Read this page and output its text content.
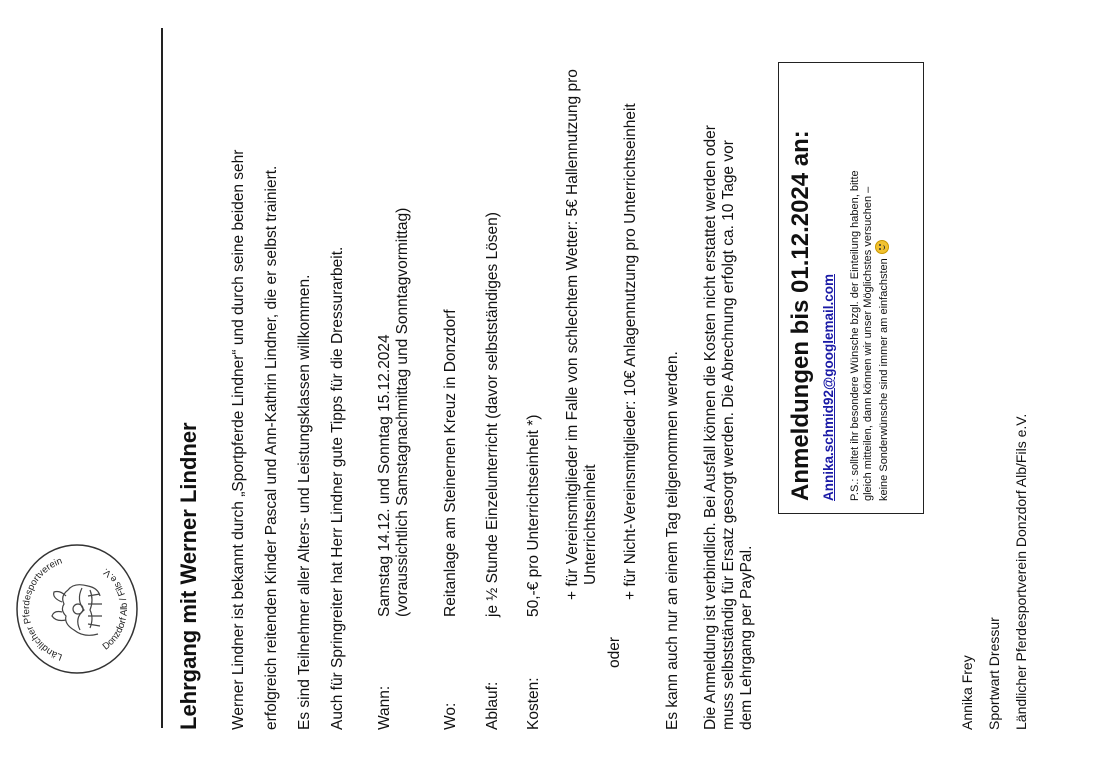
Ländlicher Pferdesportverein
Donzdorf Alb / Fils e.V.	Lehrgang mit Werner Lindner Werner Lindner ist bekannt durch „Sportpferde Lindner“ und durch seine beiden sehr erfolgreich reitenden Kinder Pascal und Ann-Kathrin Lindner, die er selbst trainiert. Es sind Teilnehmer aller Alters- und Leistungsklassen willkommen. Auch für Springreiter hat Herr Lindner gute Tipps für die Dressurarbeit. Wann:
Samstag 14.12. und Sonntag 15.12.2024 (voraussichtlich Samstagnachmittag und Sonntagvormittag)
Wo:
Reitanlage am Steinernen Kreuz in Donzdorf
Ablauf:
je ½ Stunde Einzelunterricht (davor selbstständiges Lösen)
Kosten:
50,-€ pro Unterrichtseinheit *) + für Vereinsmitglieder im Falle von schlechtem Wetter: 5€ Hallennutzung pro Unterrichtseinheit
oder
+ für Nicht-Vereinsmitglieder: 10€ Anlagennutzung pro Unterrichtseinheit Es kann auch nur an einem Tag teilgenommen werden. Die Anmeldung ist verbindlich. Bei Ausfall können die Kosten nicht erstattet werden oder muss selbstständig für Ersatz gesorgt werden. Die Abrechnung erfolgt ca. 10 Tage vor dem Lehrgang per PayPal.
Anmeldungen bis 01.12.2024 an: Annika.schmid92@googlemail.com P.S.: solltet ihr besondere Wünsche bzgl. der Einteilung haben, bitte gleich mitteilen, dann können wir unser Möglichstes versuchen – keine Sonderwünsche sind immer am einfachsten
Annika Frey Sportwart Dressur Ländlicher Pferdesportverein Donzdorf Alb/Fils e.V.
